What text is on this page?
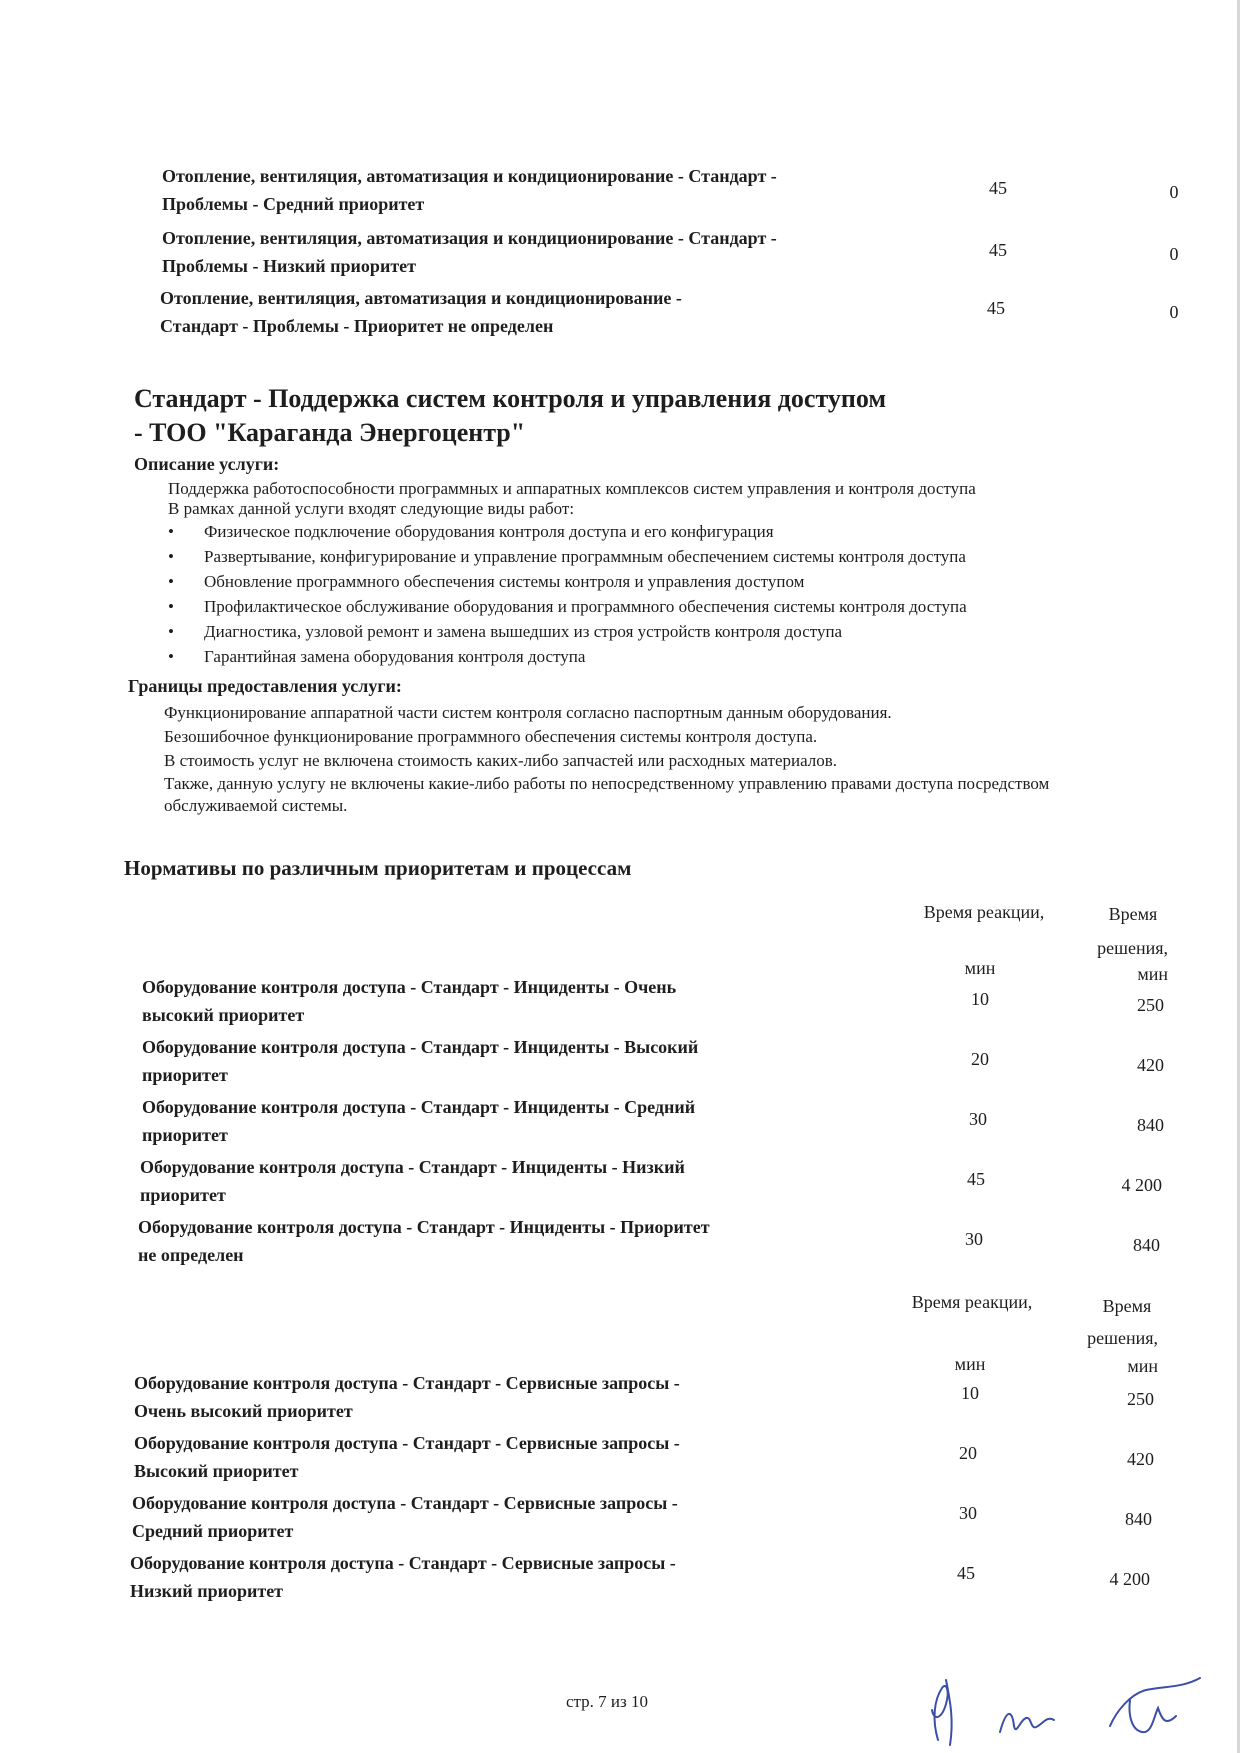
Отопление, вентиляция, автоматизация и кондиционирование - Стандарт - Проблемы - Средний приоритет
45	0
Отопление, вентиляция, автоматизация и кондиционирование - Стандарт - Проблемы - Низкий приоритет
45	0
Отопление, вентиляция, автоматизация и кондиционирование - Стандарт - Проблемы - Приоритет не определен
45	0
Стандарт - Поддержка систем контроля и управления доступом - ТОО "Караганда Энергоцентр"
Описание услуги:
Поддержка работоспособности программных и аппаратных комплексов систем управления и контроля доступа
В рамках данной услуги входят следующие виды работ:
• Физическое подключение оборудования контроля доступа и его конфигурация
• Развертывание, конфигурирование и управление программным обеспечением системы контроля доступа
• Обновление программного обеспечения системы контроля и управления доступом
• Профилактическое обслуживание оборудования и программного обеспечения системы контроля доступа
• Диагностика, узловой ремонт и замена вышедших из строя устройств контроля доступа
• Гарантийная замена оборудования контроля доступа
Границы предоставления услуги:
Функционирование аппаратной части систем контроля согласно паспортным данным оборудования.
Безошибочное функционирование программного обеспечения системы контроля доступа.
В стоимость услуг не включена стоимость каких-либо запчастей или расходных материалов.
Также, данную услугу не включены какие-либо работы по непосредственному управлению правами доступа посредством обслуживаемой системы.
Нормативы по различным приоритетам и процессам
Время реакции,
мин
Время
решения,
мин
Оборудование контроля доступа - Стандарт - Инциденты - Очень высокий приоритет
10	250
Оборудование контроля доступа - Стандарт - Инциденты - Высокий приоритет
20	420
Оборудование контроля доступа - Стандарт - Инциденты - Средний приоритет
30	840
Оборудование контроля доступа - Стандарт - Инциденты - Низкий приоритет
45	4 200
Оборудование контроля доступа - Стандарт - Инциденты - Приоритет не определен
30	840
Время реакции,
мин
Время
решения,
мин
Оборудование контроля доступа - Стандарт - Сервисные запросы - Очень высокий приоритет
10	250
Оборудование контроля доступа - Стандарт - Сервисные запросы - Высокий приоритет
20	420
Оборудование контроля доступа - Стандарт - Сервисные запросы - Средний приоритет
30	840
Оборудование контроля доступа - Стандарт - Сервисные запросы - Низкий приоритет
45	4 200
стр. 7 из 10
